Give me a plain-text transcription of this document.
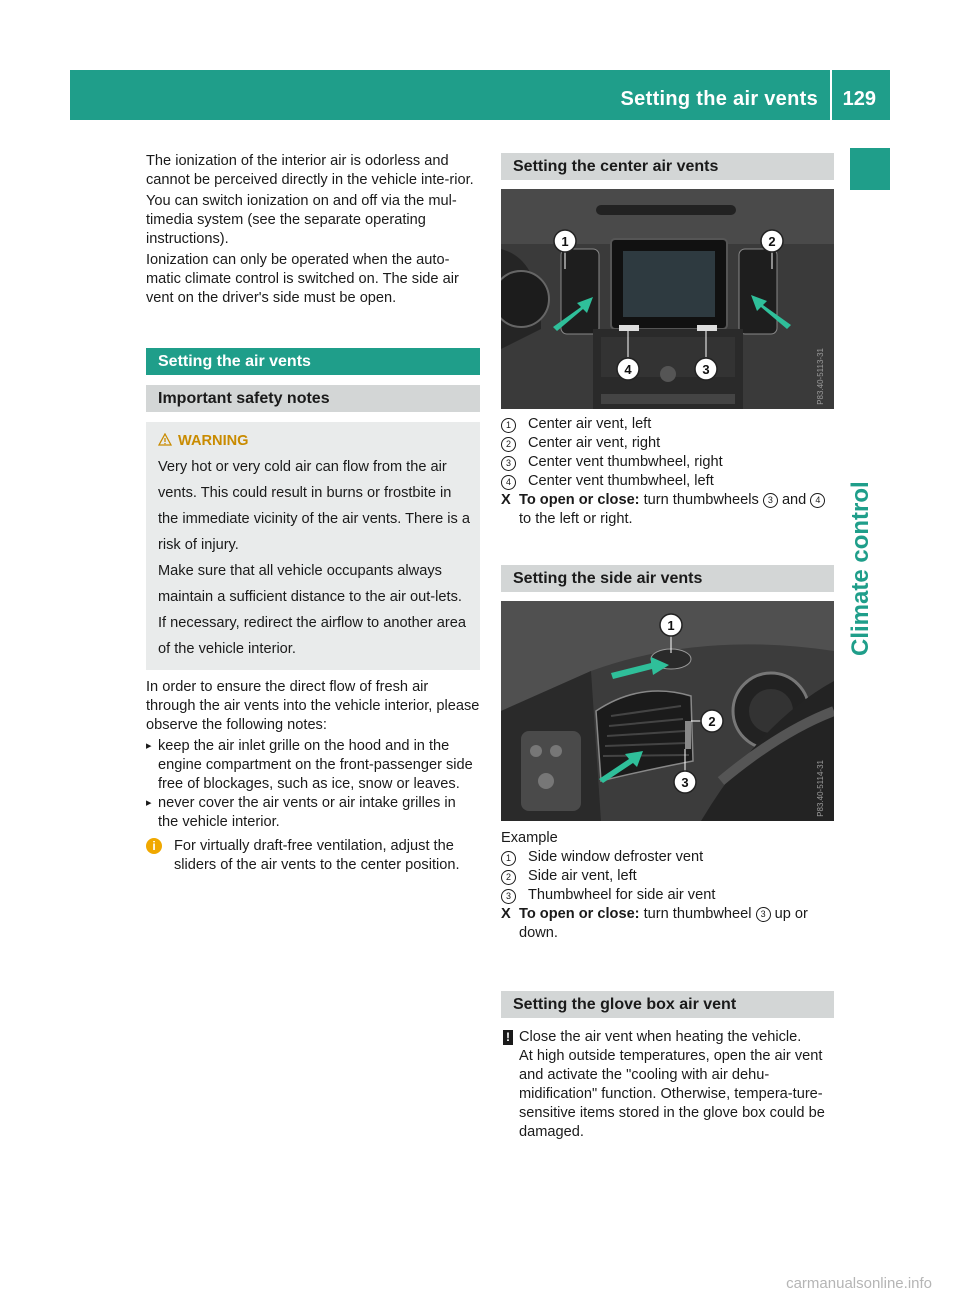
Setting the air vents 129
Climate control

The ionization of the interior air is odorless and cannot be perceived directly in the vehicle inte-rior.

You can switch ionization on and off via the mul-timedia system (see the separate operating instructions).

Ionization can only be operated when the auto-matic climate control is switched on. The side air vent on the driver's side must be open.

Setting the air vents
Important safety notes
WARNING
Very hot or very cold air can flow from the air vents. This could result in burns or frostbite in the immediate vicinity of the air vents. There is a risk of injury.
Make sure that all vehicle occupants always maintain a sufficient distance to the air out-lets. If necessary, redirect the airflow to another area of the vehicle interior.

In order to ensure the direct flow of fresh air through the air vents into the vehicle interior, please observe the following notes:

▸ keep the air inlet grille on the hood and in the engine compartment on the front-passenger side free of blockages, such as ice, snow or leaves.
▸ never cover the air vents or air intake grilles in the vehicle interior.
i	For virtually draft-free ventilation, adjust the sliders of the air vents to the center position.
Setting the center air vents
1	2
3
4	P83.40-5113-31
1	Center air vent, left
2	Center air vent, right
3	Center vent thumbwheel, right
4	Center vent thumbwheel, left
X To open or close: turn thumbwheels 3 and 4 to the left or right.
Setting the side air vents
1
2
3	P83.40-5114-31
Example
1	Side window defroster vent
2	Side air vent, left
3	Thumbwheel for side air vent
X To open or close: turn thumbwheel 3 up or down.
Setting the glove box air vent
! Close the air vent when heating the vehicle.
At high outside temperatures, open the air vent and activate the "cooling with air dehu-midification" function. Otherwise, tempera-ture-sensitive items stored in the glove box could be damaged.
carmanualsonline.info
